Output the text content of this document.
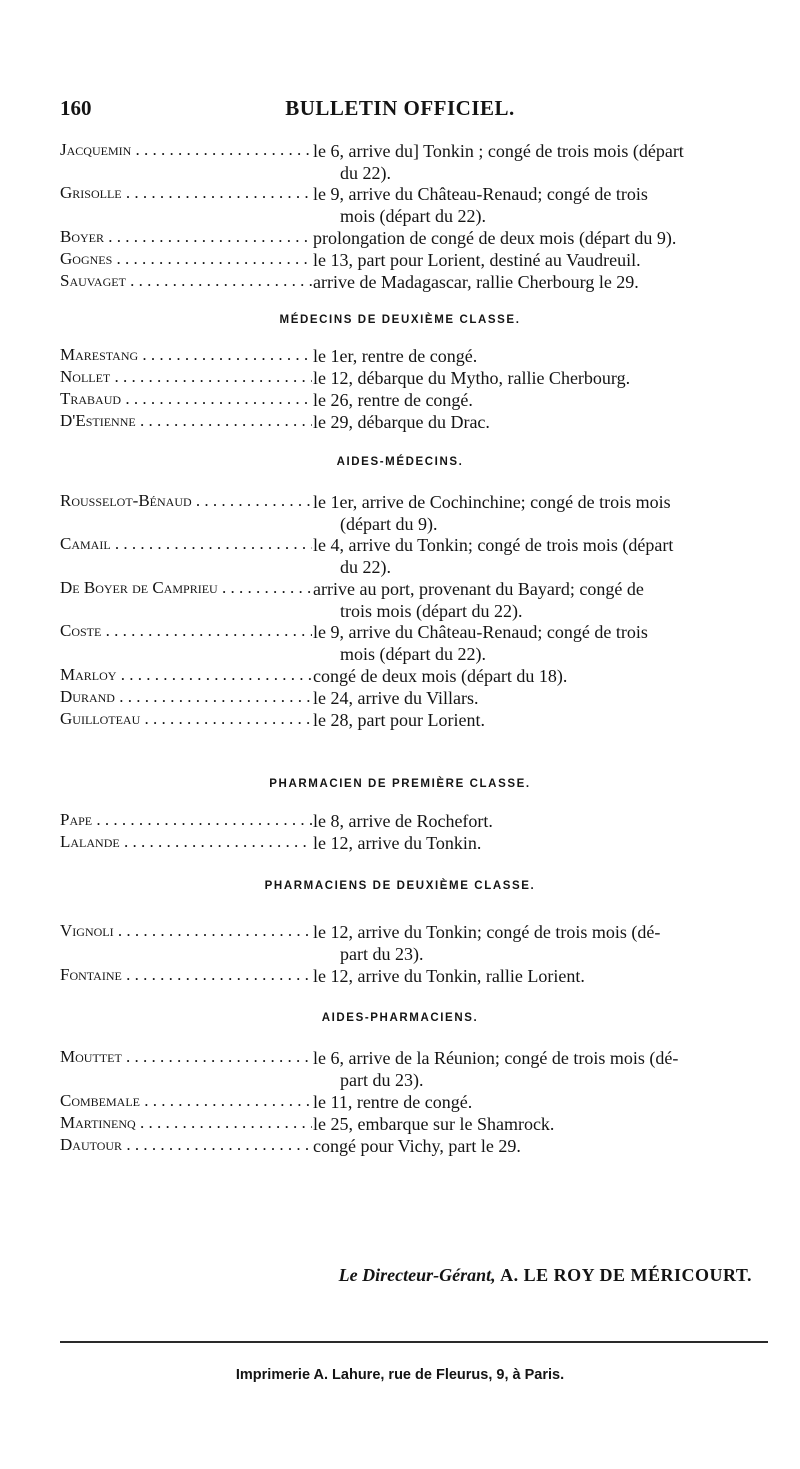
160	BULLETIN OFFICIEL.
Jacquemin . . .	le 6, arrive du] Tonkin ; congé de trois mois (départ
du 22).
Grisolle . . .	le 9, arrive du Château-Renaud; congé de trois
mois (départ du 22).
Boyer . . .	prolongation de congé de deux mois (départ du 9).
Gognes . . .	le 13, part pour Lorient, destiné au Vaudreuil.
Sauvaget . . .	arrive de Madagascar, rallie Cherbourg le 29.
MÉDECINS DE DEUXIÈME CLASSE.
Marestang . . .	le 1er, rentre de congé.
Nollet . . .	le 12, débarque du Mytho, rallie Cherbourg.
Trabaud . . .	le 26, rentre de congé.
D'Estienne . . .	le 29, débarque du Drac.
AIDES-MÉDECINS.
Rousselot-Bénaud . . .	le 1er, arrive de Cochinchine; congé de trois mois
(départ du 9).
Camail . . .	le 4, arrive du Tonkin; congé de trois mois (départ
du 22).
De Boyer de Camprieu . . .	arrive au port, provenant du Bayard; congé de
trois mois (départ du 22).
Coste . . .	le 9, arrive du Château-Renaud; congé de trois
mois (départ du 22).
Marloy . . .	congé de deux mois (départ du 18).
Durand . . .	le 24, arrive du Villars.
Guilloteau . . .	le 28, part pour Lorient.
PHARMACIEN DE PREMIÈRE CLASSE.
Pape . . .	le 8, arrive de Rochefort.
Lalande . . .	le 12, arrive du Tonkin.
PHARMACIENS DE DEUXIÈME CLASSE.
Vignoli . . .	le 12, arrive du Tonkin; congé de trois mois (dé-
part du 23).
Fontaine . . .	le 12, arrive du Tonkin, rallie Lorient.
AIDES-PHARMACIENS.
Mouttet . . .	le 6, arrive de la Réunion; congé de trois mois (dé-
part du 23).
Combemale . . .	le 11, rentre de congé.
Martinenq . . .	le 25, embarque sur le Shamrock.
Dautour . . .	congé pour Vichy, part le 29.
Le Directeur-Gérant, A. LE ROY DE MÉRICOURT.
Imprimerie A. Lahure, rue de Fleurus, 9, à Paris.
